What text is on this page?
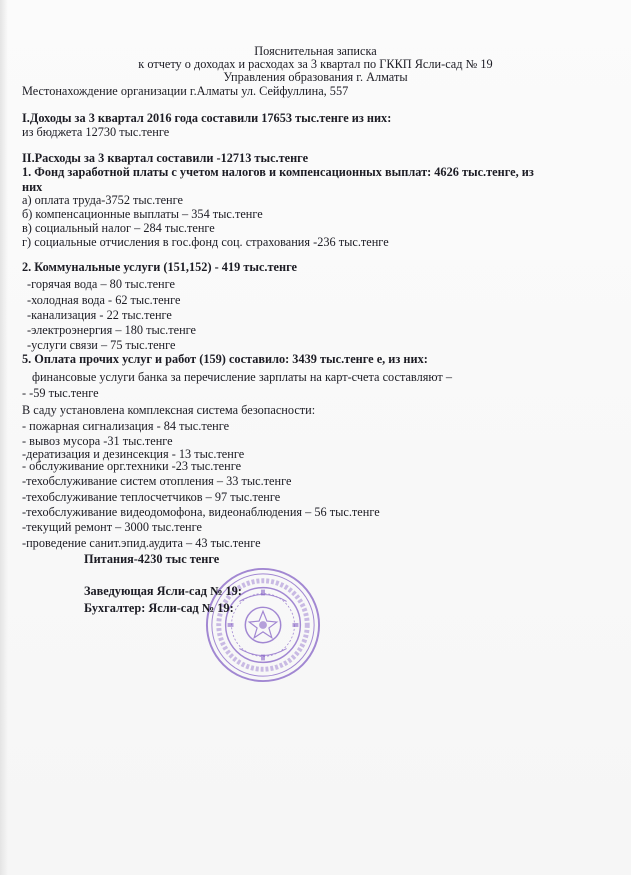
Пояснительная записка
к отчету о доходах и расходах за 3 квартал по ГККП Ясли-сад № 19
Управления образования г. Алматы
Местонахождение организации г.Алматы ул. Сейфуллина, 557
I.Доходы за 3 квартал 2016 года составили 17653 тыс.тенге из них:
из бюджета 12730 тыс.тенге
II.Расходы за 3 квартал составили -12713 тыс.тенге
1. Фонд заработной платы с учетом налогов и компенсационных выплат: 4626 тыс.тенге, из
них
а) оплата труда-3752 тыс.тенге
б) компенсационные выплаты – 354 тыс.тенге
в) социальный налог – 284 тыс.тенге
г) социальные отчисления в гос.фонд соц. страхования -236 тыс.тенге
2. Коммунальные услуги (151,152) - 419 тыс.тенге
-горячая вода – 80 тыс.тенге
-холодная вода - 62 тыс.тенге
-канализация - 22 тыс.тенге
-электроэнергия – 180 тыс.тенге
-услуги связи – 75 тыс.тенге
5. Оплата прочих услуг и работ (159) составило: 3439 тыс.тенге е, из них:
финансовые услуги банка за перечисление зарплаты на карт-счета составляют –
- -59 тыс.тенге
В саду установлена комплексная система безопасности:
- пожарная сигнализация - 84 тыс.тенге
- вывоз мусора -31 тыс.тенге
-дератизация и дезинсекция - 13 тыс.тенге
- обслуживание орг.техники -23 тыс.тенге
-техобслуживание систем отопления – 33 тыс.тенге
-техобслуживание теплосчетчиков – 97 тыс.тенге
-техобслуживание видеодомофона, видеонаблюдения – 56 тыс.тенге
-текущий ремонт – 3000 тыс.тенге
-проведение санит.эпид.аудита – 43 тыс.тенге
Питания-4230 тыс тенге
Заведующая Ясли-сад № 19:
Бухгалтер: Ясли-сад № 19:
